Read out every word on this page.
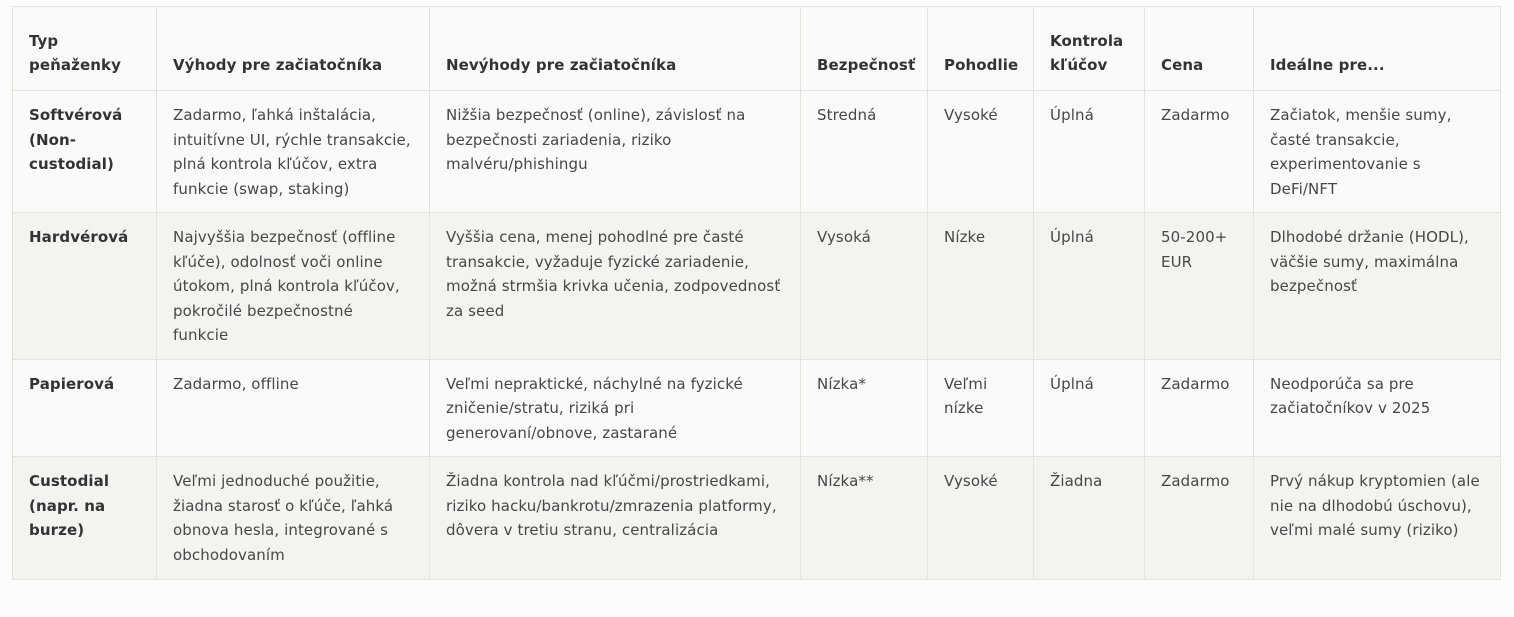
Typ peňaženky	Výhody pre začiatočníka	Nevýhody pre začiatočníka	Bezpečnosť	Pohodlie	Kontrola kľúčov	Cena	Ideálne pre...
Softvérová (Non-custodial)	Zadarmo, ľahká inštalácia, intuitívne UI, rýchle transakcie, plná kontrola kľúčov, extra funkcie (swap, staking)	Nižšia bezpečnosť (online), závislosť na bezpečnosti zariadenia, riziko malvéru/phishingu	Stredná	Vysoké	Úplná	Zadarmo	Začiatok, menšie sumy, časté transakcie, experimentovanie s DeFi/NFT
Hardvérová	Najvyššia bezpečnosť (offline kľúče), odolnosť voči online útokom, plná kontrola kľúčov, pokročilé bezpečnostné funkcie	Vyššia cena, menej pohodlné pre časté transakcie, vyžaduje fyzické zariadenie, možná strmšia krivka učenia, zodpovednosť za seed	Vysoká	Nízke	Úplná	50-200+ EUR	Dlhodobé držanie (HODL), väčšie sumy, maximálna bezpečnosť
Papierová	Zadarmo, offline	Veľmi nepraktické, náchylné na fyzické zničenie/stratu, riziká pri generovaní/obnove, zastarané	Nízka*	Veľmi nízke	Úplná	Zadarmo	Neodporúča sa pre začiatočníkov v 2025
Custodial (napr. na burze)	Veľmi jednoduché použitie, žiadna starosť o kľúče, ľahká obnova hesla, integrované s obchodovaním	Žiadna kontrola nad kľúčmi/prostriedkami, riziko hacku/bankrotu/zmrazenia platformy, dôvera v tretiu stranu, centralizácia	Nízka**	Vysoké	Žiadna	Zadarmo	Prvý nákup kryptomien (ale nie na dlhodobú úschovu), veľmi malé sumy (riziko)
